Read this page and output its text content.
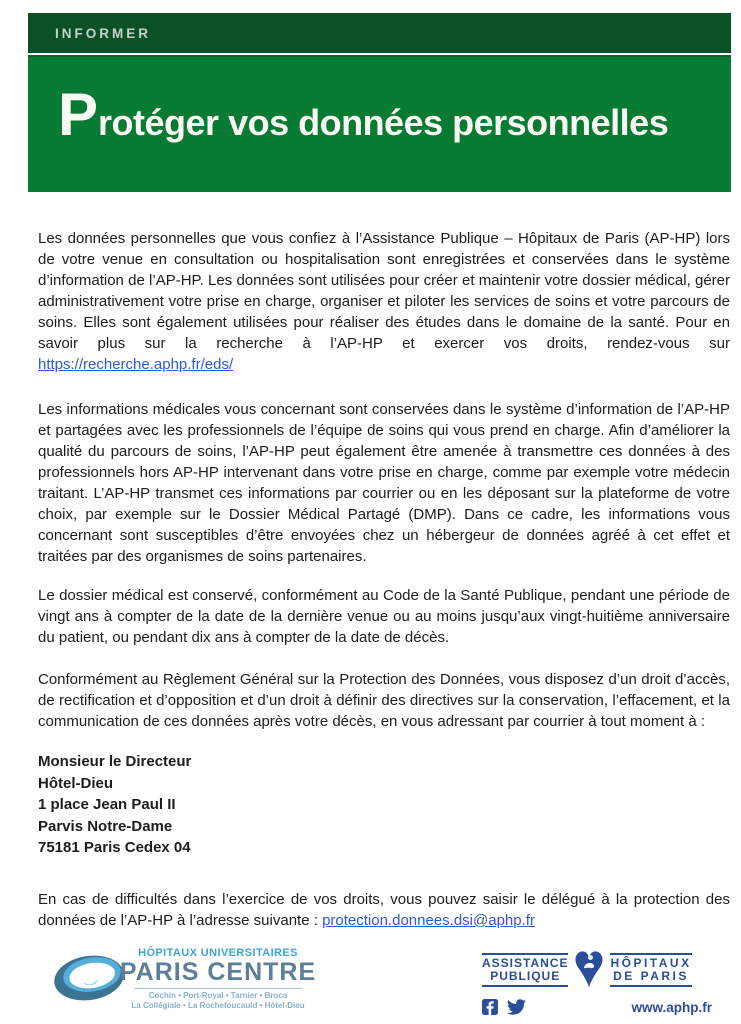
INFORMER
Protéger vos données personnelles

Les données personnelles que vous confiez à l’Assistance Publique – Hôpitaux de Paris (AP-HP) lors de votre venue en consultation ou hospitalisation sont enregistrées et conservées dans le système d’information de l’AP-HP. Les données sont utilisées pour créer et maintenir votre dossier médical, gérer administrativement votre prise en charge, organiser et piloter les services de soins et votre parcours de soins. Elles sont également utilisées pour réaliser des études dans le domaine de la santé. Pour en savoir plus sur la recherche à l’AP-HP et exercer vos droits, rendez-vous sur https://recherche.aphp.fr/eds/

Les informations médicales vous concernant sont conservées dans le système d’information de l’AP-HP et partagées avec les professionnels de l’équipe de soins qui vous prend en charge. Afin d’améliorer la qualité du parcours de soins, l’AP-HP peut également être amenée à transmettre ces données à des professionnels hors AP-HP intervenant dans votre prise en charge, comme par exemple votre médecin traitant. L’AP-HP transmet ces informations par courrier ou en les déposant sur la plateforme de votre choix, par exemple sur le Dossier Médical Partagé (DMP). Dans ce cadre, les informations vous concernant sont susceptibles d’être envoyées chez un hébergeur de données agréé à cet effet et traitées par des organismes de soins partenaires.

Le dossier médical est conservé, conformément au Code de la Santé Publique, pendant une période de vingt ans à compter de la date de la dernière venue ou au moins jusqu’aux vingt-huitième anniversaire du patient, ou pendant dix ans à compter de la date de décès.

Conformément au Règlement Général sur la Protection des Données, vous disposez d’un droit d’accès, de rectification et d’opposition et d’un droit à définir des directives sur la conservation, l’effacement, et la communication de ces données après votre décès, en vous adressant par courrier à tout moment à :

Monsieur le Directeur
Hôtel-Dieu
1 place Jean Paul II
Parvis Notre-Dame
75181 Paris Cedex 04

En cas de difficultés dans l’exercice de vos droits, vous pouvez saisir le délégué à la protection des données de l’AP-HP à l’adresse suivante : protection.donnees.dsi@aphp.fr

HÔPITAUX UNIVERSITAIRES
PARIS CENTRE
Cochin • Port-Royal • Tarnier • Broca
La Collégiale • La Rochefoucauld • Hôtel-Dieu
ASSISTANCE
PUBLIQUE
HÔPITAUX
DE PARIS
www.aphp.fr
